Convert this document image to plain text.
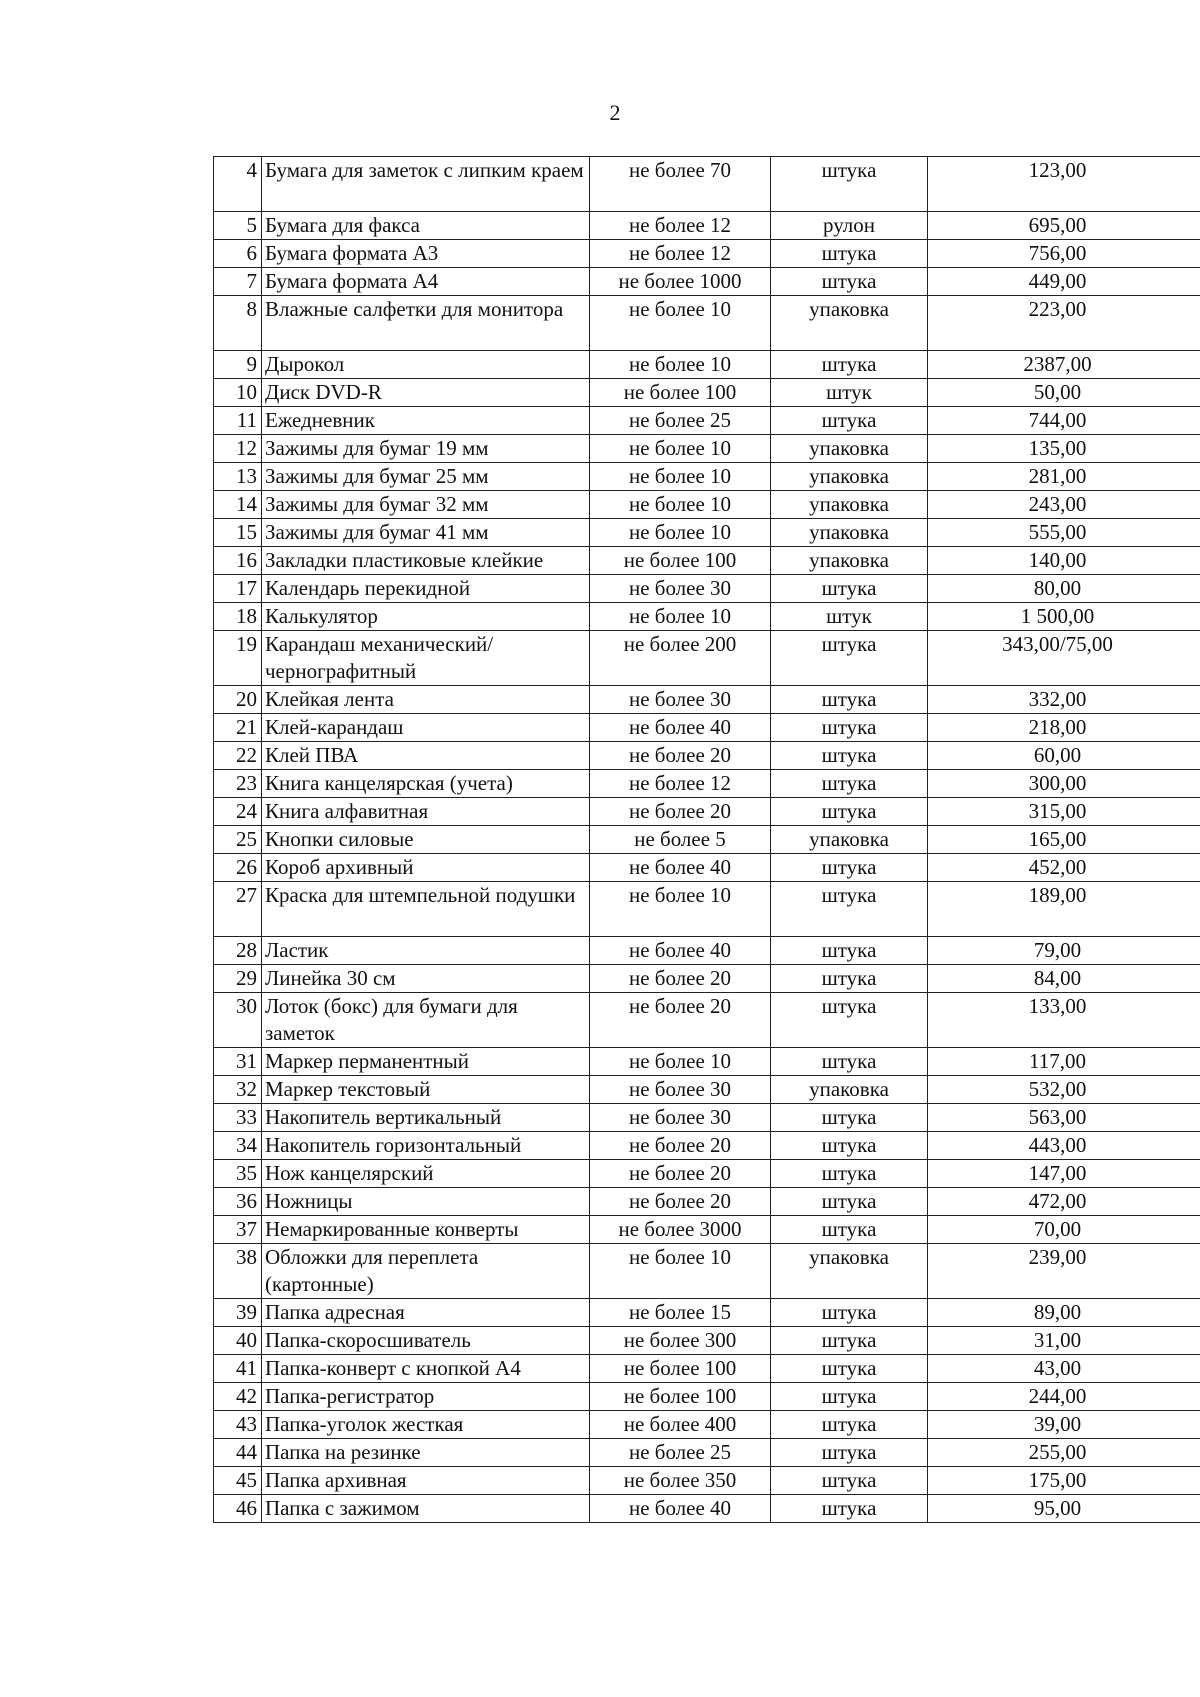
2
4	Бумага для заметок с липким краем	не более 70	штука	123,00
5	Бумага для факса	не более 12	рулон	695,00
6	Бумага формата А3	не более 12	штука	756,00
7	Бумага формата А4	не более 1000	штука	449,00
8	Влажные салфетки для монитора	не более 10	упаковка	223,00
9	Дырокол	не более 10	штука	2387,00
10	Диск DVD-R	не более 100	штук	50,00
11	Ежедневник	не более 25	штука	744,00
12	Зажимы для бумаг 19 мм	не более 10	упаковка	135,00
13	Зажимы для бумаг 25 мм	не более 10	упаковка	281,00
14	Зажимы для бумаг 32 мм	не более 10	упаковка	243,00
15	Зажимы для бумаг 41 мм	не более 10	упаковка	555,00
16	Закладки пластиковые клейкие	не более 100	упаковка	140,00
17	Календарь перекидной	не более 30	штука	80,00
18	Калькулятор	не более 10	штук	1 500,00
19	Карандаш механический/ чернографитный	не более 200	штука	343,00/75,00
20	Клейкая лента	не более 30	штука	332,00
21	Клей-карандаш	не более 40	штука	218,00
22	Клей ПВА	не более 20	штука	60,00
23	Книга канцелярская (учета)	не более 12	штука	300,00
24	Книга алфавитная	не более 20	штука	315,00
25	Кнопки силовые	не более 5	упаковка	165,00
26	Короб архивный	не более 40	штука	452,00
27	Краска для штемпельной подушки	не более 10	штука	189,00
28	Ластик	не более 40	штука	79,00
29	Линейка 30 см	не более 20	штука	84,00
30	Лоток (бокс) для бумаги для заметок	не более 20	штука	133,00
31	Маркер перманентный	не более 10	штука	117,00
32	Маркер текстовый	не более 30	упаковка	532,00
33	Накопитель вертикальный	не более 30	штука	563,00
34	Накопитель горизонтальный	не более 20	штука	443,00
35	Нож канцелярский	не более 20	штука	147,00
36	Ножницы	не более 20	штука	472,00
37	Немаркированные конверты	не более 3000	штука	70,00
38	Обложки для переплета (картонные)	не более 10	упаковка	239,00
39	Папка адресная	не более 15	штука	89,00
40	Папка-скоросшиватель	не более 300	штука	31,00
41	Папка-конверт с кнопкой А4	не более 100	штука	43,00
42	Папка-регистратор	не более 100	штука	244,00
43	Папка-уголок жесткая	не более 400	штука	39,00
44	Папка на резинке	не более 25	штука	255,00
45	Папка архивная	не более 350	штука	175,00
46	Папка с зажимом	не более 40	штука	95,00
